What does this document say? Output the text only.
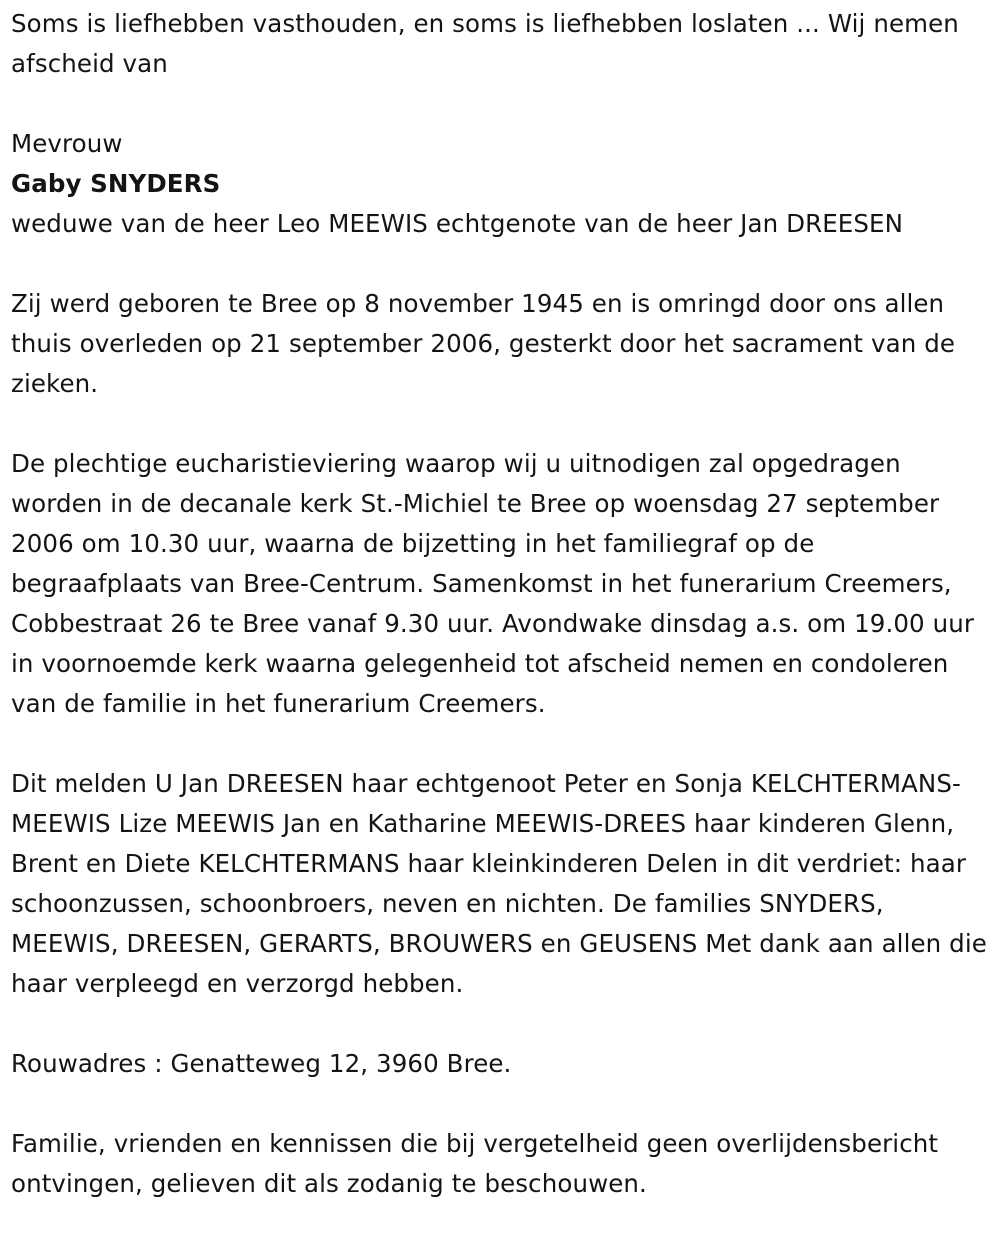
Soms is liefhebben vasthouden, en soms is liefhebben loslaten ... Wij nemen afscheid van

Mevrouw

Gaby SNYDERS

weduwe van de heer Leo MEEWIS echtgenote van de heer Jan DREESEN

Zij werd geboren te Bree op 8 november 1945 en is omringd door ons allen thuis overleden op 21 september 2006, gesterkt door het sacrament van de zieken.

De plechtige eucharistieviering waarop wij u uitnodigen zal opgedragen worden in de decanale kerk St.-Michiel te Bree op woensdag 27 september 2006 om 10.30 uur, waarna de bijzetting in het familiegraf op de begraafplaats van Bree-Centrum. Samenkomst in het funerarium Creemers, Cobbestraat 26 te Bree vanaf 9.30 uur. Avondwake dinsdag a.s. om 19.00 uur in voornoemde kerk waarna gelegenheid tot afscheid nemen en condoleren van de familie in het funerarium Creemers.

Dit melden U Jan DREESEN haar echtgenoot Peter en Sonja KELCHTERMANS-MEEWIS Lize MEEWIS Jan en Katharine MEEWIS-DREES haar kinderen Glenn, Brent en Diete KELCHTERMANS haar kleinkinderen Delen in dit verdriet: haar schoonzussen, schoonbroers, neven en nichten. De families SNYDERS, MEEWIS, DREESEN, GERARTS, BROUWERS en GEUSENS Met dank aan allen die haar verpleegd en verzorgd hebben.

Rouwadres : Genatteweg 12, 3960 Bree.

Familie, vrienden en kennissen die bij vergetelheid geen overlijdensbericht ontvingen, gelieven dit als zodanig te beschouwen.
